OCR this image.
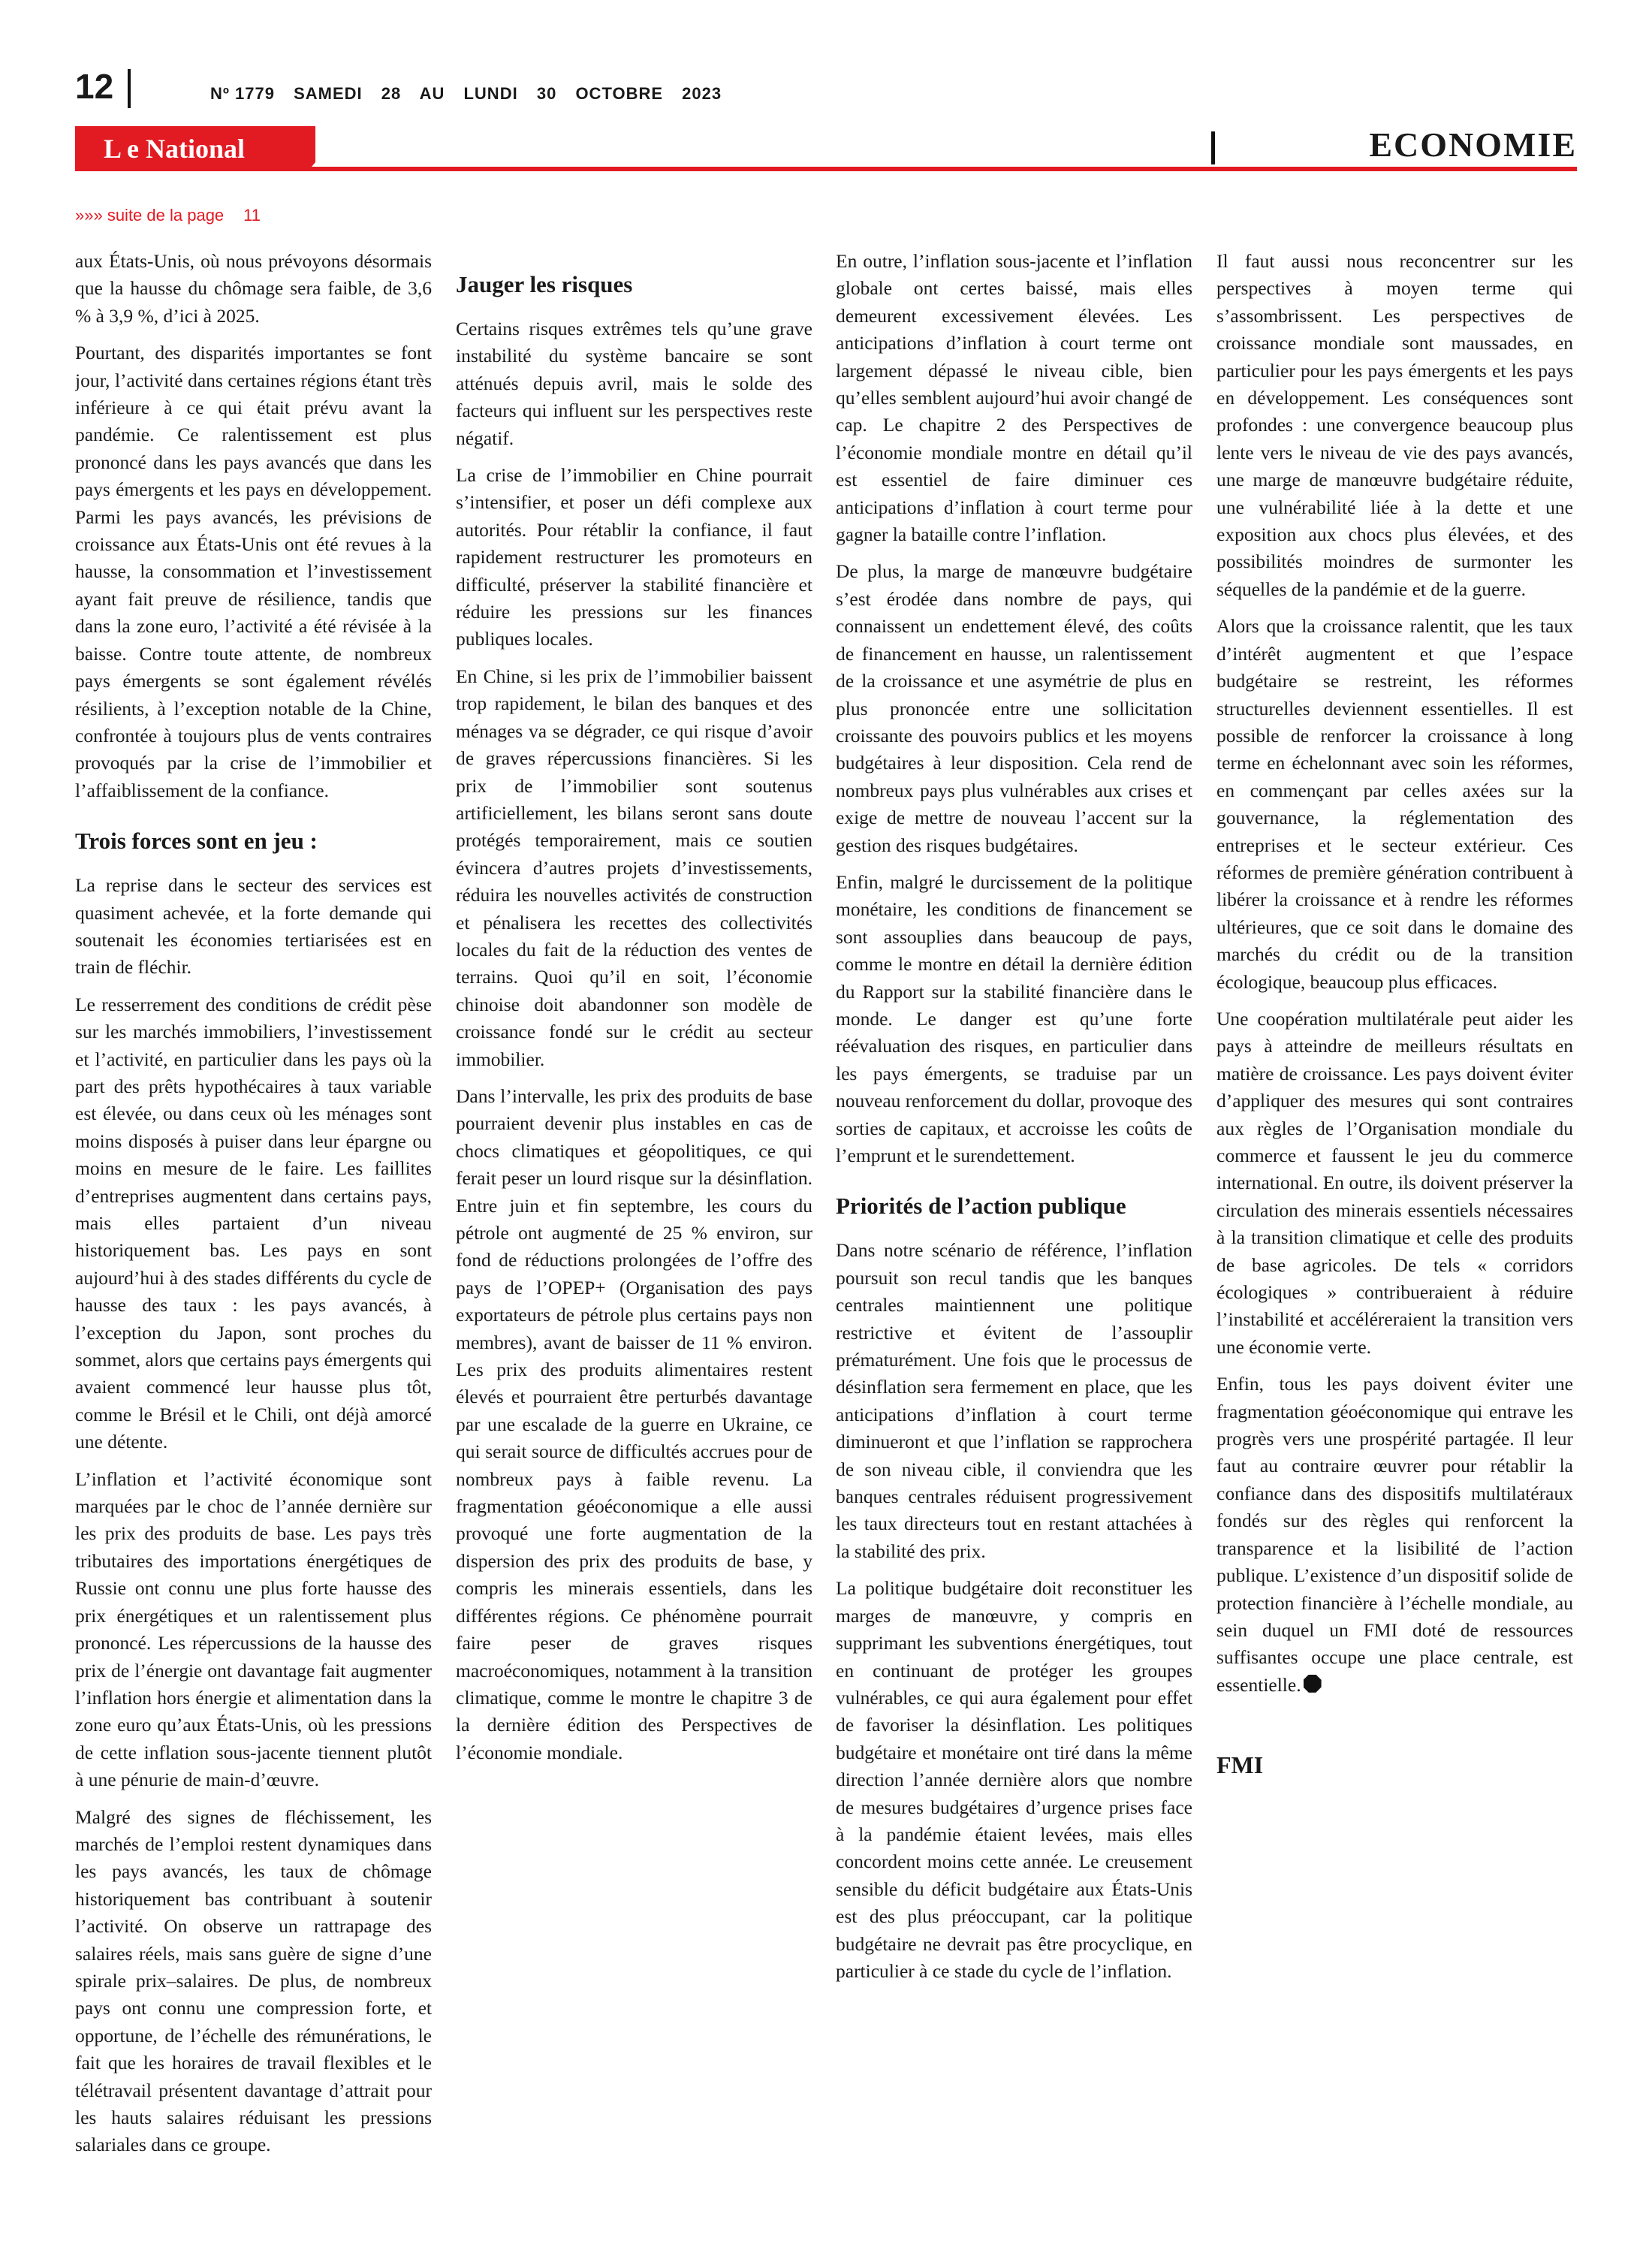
12	Nº 1779 SAMEDI 28 AU LUNDI 30 OCTOBRE 2023
L e National	ECONOMIE
»»» suite de la page 11

aux États-Unis, où nous prévoyons désormais que la hausse du chômage sera faible, de 3,6 % à 3,9 %, d’ici à 2025.

Pourtant, des disparités importantes se font jour, l’activité dans certaines régions étant très inférieure à ce qui était prévu avant la pandémie. Ce ralentissement est plus prononcé dans les pays avancés que dans les pays émergents et les pays en développement. Parmi les pays avancés, les prévisions de croissance aux États-Unis ont été revues à la hausse, la consommation et l’investissement ayant fait preuve de résilience, tandis que dans la zone euro, l’activité a été révisée à la baisse. Contre toute attente, de nombreux pays émergents se sont également révélés résilients, à l’exception notable de la Chine, confrontée à toujours plus de vents contraires provoqués par la crise de l’immobilier et l’affaiblissement de la confiance.

Trois forces sont en jeu :

La reprise dans le secteur des services est quasiment achevée, et la forte demande qui soutenait les économies tertiarisées est en train de fléchir.

Le resserrement des conditions de crédit pèse sur les marchés immobiliers, l’investissement et l’activité, en particulier dans les pays où la part des prêts hypothécaires à taux variable est élevée, ou dans ceux où les ménages sont moins disposés à puiser dans leur épargne ou moins en mesure de le faire. Les faillites d’entreprises augmentent dans certains pays, mais elles partaient d’un niveau historiquement bas. Les pays en sont aujourd’hui à des stades différents du cycle de hausse des taux : les pays avancés, à l’exception du Japon, sont proches du sommet, alors que certains pays émergents qui avaient commencé leur hausse plus tôt, comme le Brésil et le Chili, ont déjà amorcé une détente.

L’inflation et l’activité économique sont marquées par le choc de l’année dernière sur les prix des produits de base. Les pays très tributaires des importations énergétiques de Russie ont connu une plus forte hausse des prix énergétiques et un ralentissement plus prononcé. Les répercussions de la hausse des prix de l’énergie ont davantage fait augmenter l’inflation hors énergie et alimentation dans la zone euro qu’aux États-Unis, où les pressions de cette inflation sous-jacente tiennent plutôt à une pénurie de main-d’œuvre.

Malgré des signes de fléchissement, les marchés de l’emploi restent dynamiques dans les pays avancés, les taux de chômage historiquement bas contribuant à soutenir l’activité. On observe un rattrapage des salaires réels, mais sans guère de signe d’une spirale prix–salaires. De plus, de nombreux pays ont connu une compression forte, et opportune, de l’échelle des rémunérations, le fait que les horaires de travail flexibles et le télétravail présentent davantage d’attrait pour les hauts salaires réduisant les pressions salariales dans ce groupe.

Jauger les risques

Certains risques extrêmes tels qu’une grave instabilité du système bancaire se sont atténués depuis avril, mais le solde des facteurs qui influent sur les perspectives reste négatif.

La crise de l’immobilier en Chine pourrait s’intensifier, et poser un défi complexe aux autorités. Pour rétablir la confiance, il faut rapidement restructurer les promoteurs en difficulté, préserver la stabilité financière et réduire les pressions sur les finances publiques locales.

En Chine, si les prix de l’immobilier baissent trop rapidement, le bilan des banques et des ménages va se dégrader, ce qui risque d’avoir de graves répercussions financières. Si les prix de l’immobilier sont soutenus artificiellement, les bilans seront sans doute protégés temporairement, mais ce soutien évincera d’autres projets d’investissements, réduira les nouvelles activités de construction et pénalisera les recettes des collectivités locales du fait de la réduction des ventes de terrains. Quoi qu’il en soit, l’économie chinoise doit abandonner son modèle de croissance fondé sur le crédit au secteur immobilier.

Dans l’intervalle, les prix des produits de base pourraient devenir plus instables en cas de chocs climatiques et géopolitiques, ce qui ferait peser un lourd risque sur la désinflation. Entre juin et fin septembre, les cours du pétrole ont augmenté de 25 % environ, sur fond de réductions prolongées de l’offre des pays de l’OPEP+ (Organisation des pays exportateurs de pétrole plus certains pays non membres), avant de baisser de 11 % environ. Les prix des produits alimentaires restent élevés et pourraient être perturbés davantage par une escalade de la guerre en Ukraine, ce qui serait source de difficultés accrues pour de nombreux pays à faible revenu. La fragmentation géoéconomique a elle aussi provoqué une forte augmentation de la dispersion des prix des produits de base, y compris les minerais essentiels, dans les différentes régions. Ce phénomène pourrait faire peser de graves risques macroéconomiques, notamment à la transition climatique, comme le montre le chapitre 3 de la dernière édition des Perspectives de l’économie mondiale.

En outre, l’inflation sous-jacente et l’inflation globale ont certes baissé, mais elles demeurent excessivement élevées. Les anticipations d’inflation à court terme ont largement dépassé le niveau cible, bien qu’elles semblent aujourd’hui avoir changé de cap. Le chapitre 2 des Perspectives de l’économie mondiale montre en détail qu’il est essentiel de faire diminuer ces anticipations d’inflation à court terme pour gagner la bataille contre l’inflation.

De plus, la marge de manœuvre budgétaire s’est érodée dans nombre de pays, qui connaissent un endettement élevé, des coûts de financement en hausse, un ralentissement de la croissance et une asymétrie de plus en plus prononcée entre une sollicitation croissante des pouvoirs publics et les moyens budgétaires à leur disposition. Cela rend de nombreux pays plus vulnérables aux crises et exige de mettre de nouveau l’accent sur la gestion des risques budgétaires.

Enfin, malgré le durcissement de la politique monétaire, les conditions de financement se sont assouplies dans beaucoup de pays, comme le montre en détail la dernière édition du Rapport sur la stabilité financière dans le monde. Le danger est qu’une forte réévaluation des risques, en particulier dans les pays émergents, se traduise par un nouveau renforcement du dollar, provoque des sorties de capitaux, et accroisse les coûts de l’emprunt et le surendettement.

Priorités de l’action publique

Dans notre scénario de référence, l’inflation poursuit son recul tandis que les banques centrales maintiennent une politique restrictive et évitent de l’assouplir prématurément. Une fois que le processus de désinflation sera fermement en place, que les anticipations d’inflation à court terme diminueront et que l’inflation se rapprochera de son niveau cible, il conviendra que les banques centrales réduisent progressivement les taux directeurs tout en restant attachées à la stabilité des prix.

La politique budgétaire doit reconstituer les marges de manœuvre, y compris en supprimant les subventions énergétiques, tout en continuant de protéger les groupes vulnérables, ce qui aura également pour effet de favoriser la désinflation. Les politiques budgétaire et monétaire ont tiré dans la même direction l’année dernière alors que nombre de mesures budgétaires d’urgence prises face à la pandémie étaient levées, mais elles concordent moins cette année. Le creusement sensible du déficit budgétaire aux États-Unis est des plus préoccupant, car la politique budgétaire ne devrait pas être procyclique, en particulier à ce stade du cycle de l’inflation.

Il faut aussi nous reconcentrer sur les perspectives à moyen terme qui s’assombrissent. Les perspectives de croissance mondiale sont maussades, en particulier pour les pays émergents et les pays en développement. Les conséquences sont profondes : une convergence beaucoup plus lente vers le niveau de vie des pays avancés, une marge de manœuvre budgétaire réduite, une vulnérabilité liée à la dette et une exposition aux chocs plus élevées, et des possibilités moindres de surmonter les séquelles de la pandémie et de la guerre.

Alors que la croissance ralentit, que les taux d’intérêt augmentent et que l’espace budgétaire se restreint, les réformes structurelles deviennent essentielles. Il est possible de renforcer la croissance à long terme en échelonnant avec soin les réformes, en commençant par celles axées sur la gouvernance, la réglementation des entreprises et le secteur extérieur. Ces réformes de première génération contribuent à libérer la croissance et à rendre les réformes ultérieures, que ce soit dans le domaine des marchés du crédit ou de la transition écologique, beaucoup plus efficaces.

Une coopération multilatérale peut aider les pays à atteindre de meilleurs résultats en matière de croissance. Les pays doivent éviter d’appliquer des mesures qui sont contraires aux règles de l’Organisation mondiale du commerce et faussent le jeu du commerce international. En outre, ils doivent préserver la circulation des minerais essentiels nécessaires à la transition climatique et celle des produits de base agricoles. De tels « corridors écologiques » contribueraient à réduire l’instabilité et accéléreraient la transition vers une économie verte.

Enfin, tous les pays doivent éviter une fragmentation géoéconomique qui entrave les progrès vers une prospérité partagée. Il leur faut au contraire œuvrer pour rétablir la confiance dans des dispositifs multilatéraux fondés sur des règles qui renforcent la transparence et la lisibilité de l’action publique. L’existence d’un dispositif solide de protection financière à l’échelle mondiale, au sein duquel un FMI doté de ressources suffisantes occupe une place centrale, est essentielle.

FMI
